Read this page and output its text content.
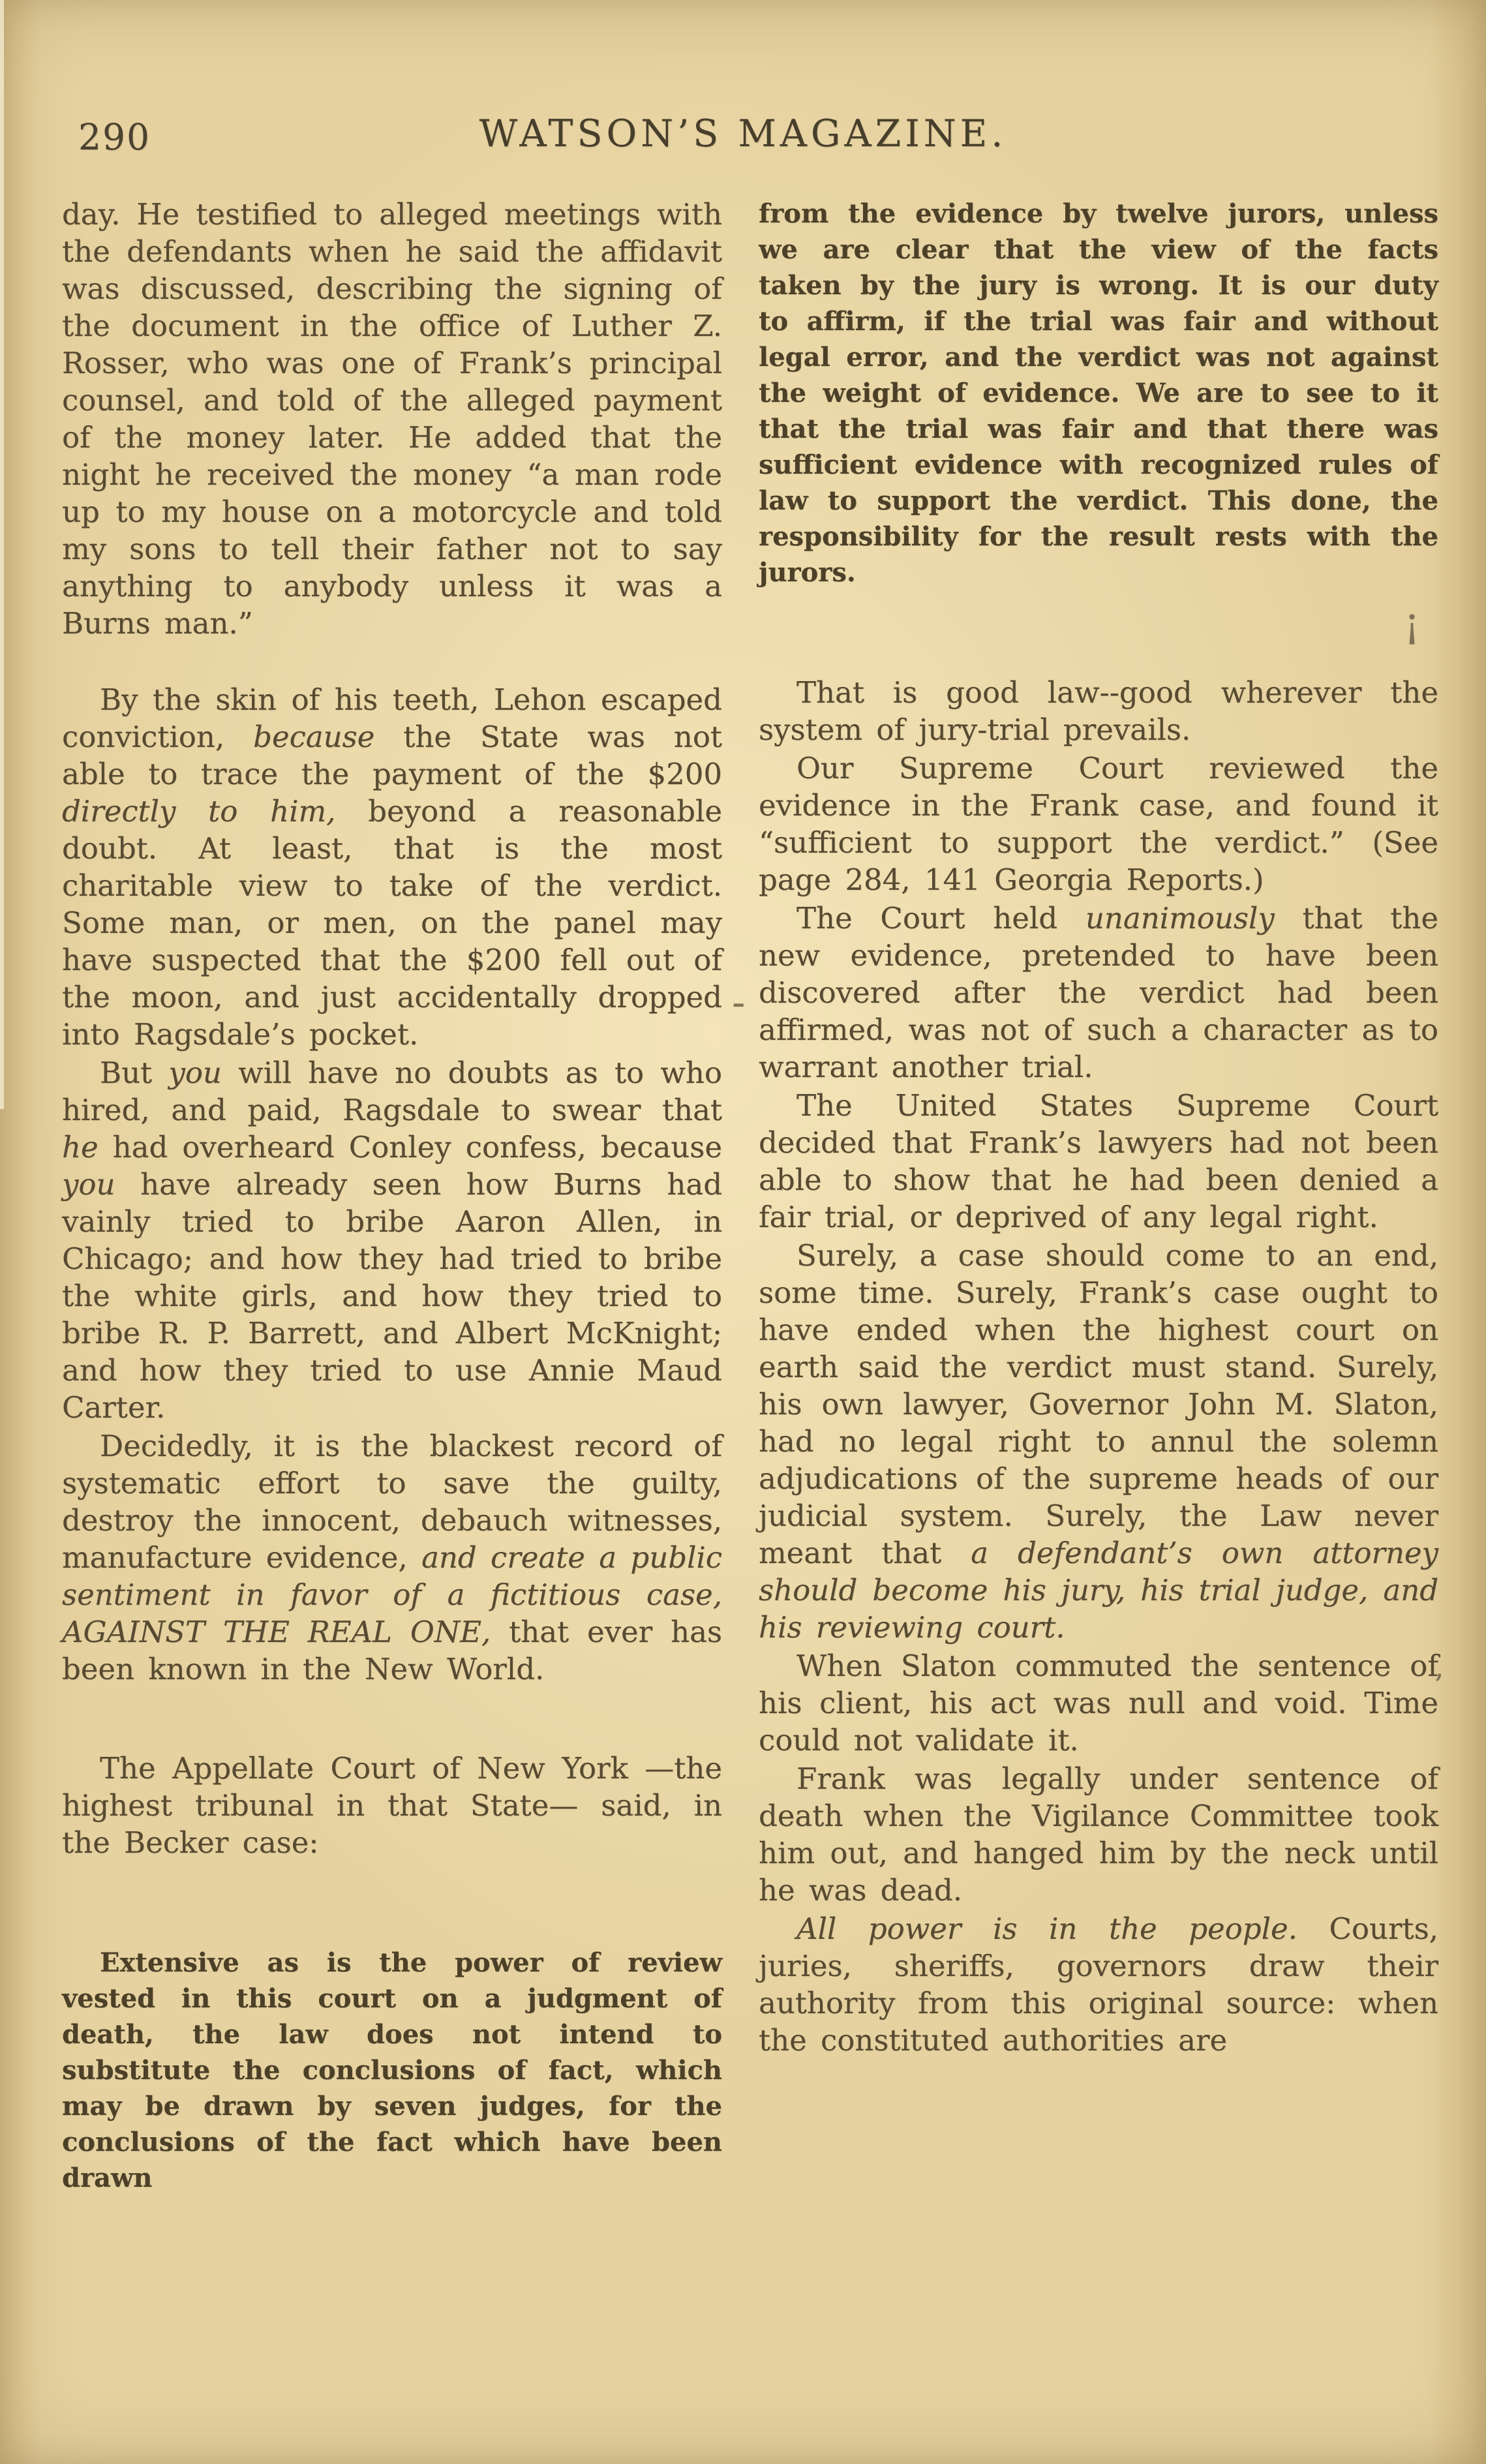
290	WATSON’S MAGAZINE.

day. He testified to alleged meetings with the defendants when he said the affidavit was discussed, describing the signing of the document in the office of Luther Z. Rosser, who was one of Frank’s principal counsel, and told of the alleged payment of the money later. He added that the night he received the money “a man rode up to my house on a motorcycle and told my sons to tell their father not to say anything to anybody unless it was a Burns man.”

By the skin of his teeth, Lehon escaped conviction, because the State was not able to trace the payment of the $200 directly to him, beyond a reasonable doubt. At least, that is the most charitable view to take of the verdict. Some man, or men, on the panel may have suspected that the $200 fell out of the moon, and just accidentally dropped into Ragsdale’s pocket.

But you will have no doubts as to who hired, and paid, Ragsdale to swear that he had overheard Conley confess, because you have already seen how Burns had vainly tried to bribe Aaron Allen, in Chicago; and how they had tried to bribe the white girls, and how they tried to bribe R. P. Barrett, and Albert McKnight; and how they tried to use Annie Maud Carter.

Decidedly, it is the blackest record of systematic effort to save the guilty, destroy the innocent, debauch witnesses, manufacture evidence, and create a public sentiment in favor of a fictitious case, AGAINST THE REAL ONE, that ever has been known in the New World.

The Appellate Court of New York —the highest tribunal in that State— said, in the Becker case:

Extensive as is the power of review vested in this court on a judgment of death, the law does not intend to substitute the conclusions of fact, which may be drawn by seven judges, for the conclusions of the fact which have been drawn

from the evidence by twelve jurors, unless we are clear that the view of the facts taken by the jury is wrong. It is our duty to affirm, if the trial was fair and without legal error, and the verdict was not against the weight of evidence. We are to see to it that the trial was fair and that there was sufficient evidence with recognized rules of law to support the verdict. This done, the responsibility for the result rests with the jurors.

That is good law--good wherever the system of jury-trial prevails.

Our Supreme Court reviewed the evidence in the Frank case, and found it “sufficient to support the verdict.” (See page 284, 141 Georgia Reports.)

The Court held unanimously that the new evidence, pretended to have been discovered after the verdict had been affirmed, was not of such a character as to warrant another trial.

The United States Supreme Court decided that Frank’s lawyers had not been able to show that he had been denied a fair trial, or deprived of any legal right.

Surely, a case should come to an end, some time. Surely, Frank’s case ought to have ended when the highest court on earth said the verdict must stand. Surely, his own lawyer, Governor John M. Slaton, had no legal right to annul the solemn adjudications of the supreme heads of our judicial system. Surely, the Law never meant that a defendant’s own attorney should become his jury, his trial judge, and his reviewing court.

When Slaton commuted the sentence of his client, his act was null and void. Time could not validate it.

Frank was legally under sentence of death when the Vigilance Committee took him out, and hanged him by the neck until he was dead.

All power is in the people. Courts, juries, sheriffs, governors draw their authority from this original source: when the constituted authorities are

¡
-
’
